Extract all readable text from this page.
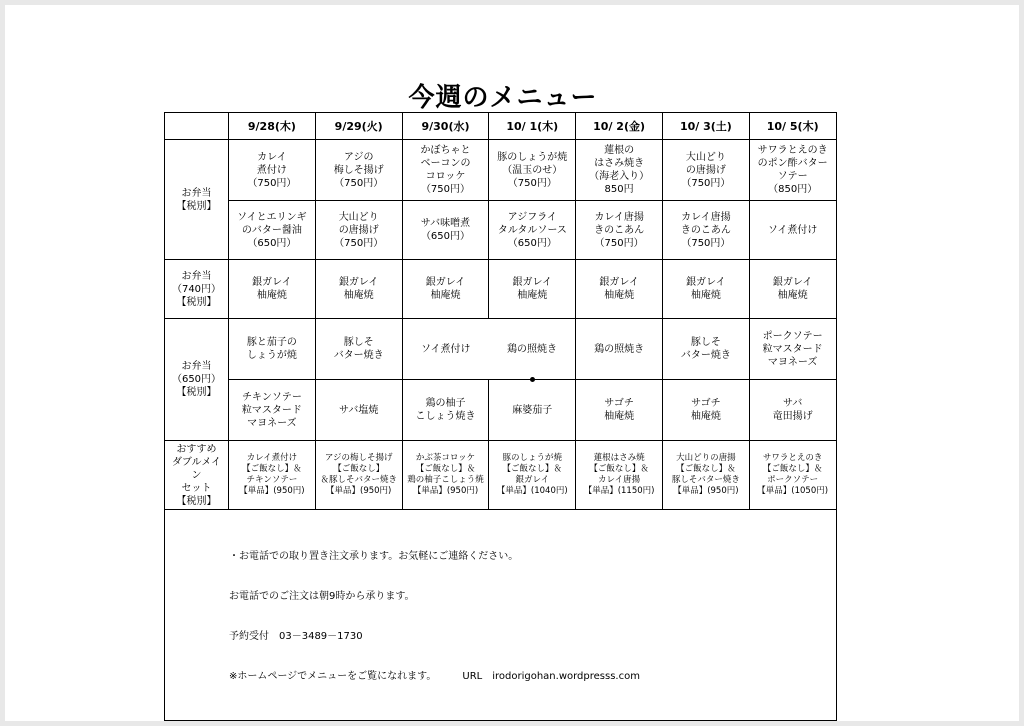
今週のメニュー
	9/28(木)	9/29(火)	9/30(水)	10/ 1(木)	10/ 2(金)	10/ 3(土)	10/ 5(木)
お弁当
【税別】	カレイ
煮付け
（750円）	アジの
梅しそ揚げ
（750円）	かぼちゃと
ベーコンの
コロッケ
（750円）	豚のしょうが焼
（温玉のせ）
（750円）	蓮根の
はさみ焼き
（海老入り）
850円	大山どり
の唐揚げ
（750円）	サワラとえのき
のポン酢バター
ソテー
（850円）
	ソイとエリンギ
のバター醤油
（650円）	大山どり
の唐揚げ
（750円）	サバ味噌煮
（650円）	アジフライ
タルタルソース
（650円）	カレイ唐揚
きのこあん
（750円）	カレイ唐揚
きのこあん
（750円）	ソイ煮付け
お弁当
（740円）
【税別】	銀ガレイ
柚庵焼	銀ガレイ
柚庵焼	銀ガレイ
柚庵焼	銀ガレイ
柚庵焼	銀ガレイ
柚庵焼	銀ガレイ
柚庵焼	銀ガレイ
柚庵焼
お弁当
（650円）
【税別】	豚と茄子の
しょうが焼	豚しそ
バター焼き	ソイ煮付け	鶏の照焼き	鶏の照焼き	豚しそ
バター焼き	ポークソテー
粒マスタード
マヨネーズ
	チキンソテー
粒マスタード
マヨネーズ	サバ塩焼	鶏の柚子
こしょう焼き	麻婆茄子	サゴチ
柚庵焼	サゴチ
柚庵焼	サバ
竜田揚げ
おすすめ
ダブルメイン
セット
【税別】	カレイ煮付け
【ご飯なし】＆
チキンソテー
【単品】(950円)	アジの梅しそ揚げ
【ご飯なし】
＆豚しそバター焼き
【単品】(950円)	かぶ茶コロッケ
【ご飯なし】＆
鶏の柚子こしょう焼
【単品】(950円)	豚のしょうが焼
【ご飯なし】＆
銀ガレイ
【単品】(1040円)	蓮根はさみ焼
【ご飯なし】＆
カレイ唐揚
【単品】(1150円)	大山どりの唐揚
【ご飯なし】＆
豚しそバター焼き
【単品】(950円)	サワラとえのき
【ご飯なし】＆
ポークソテー
【単品】(1050円)

・お電話での取り置き注文承ります。お気軽にご連絡ください。

お電話でのご注文は朝9時から承ります。

予約受付　03－3489－1730

※ホームページでメニューをご覧になれます。 URL　irodorigohan.wordpresss.com							
